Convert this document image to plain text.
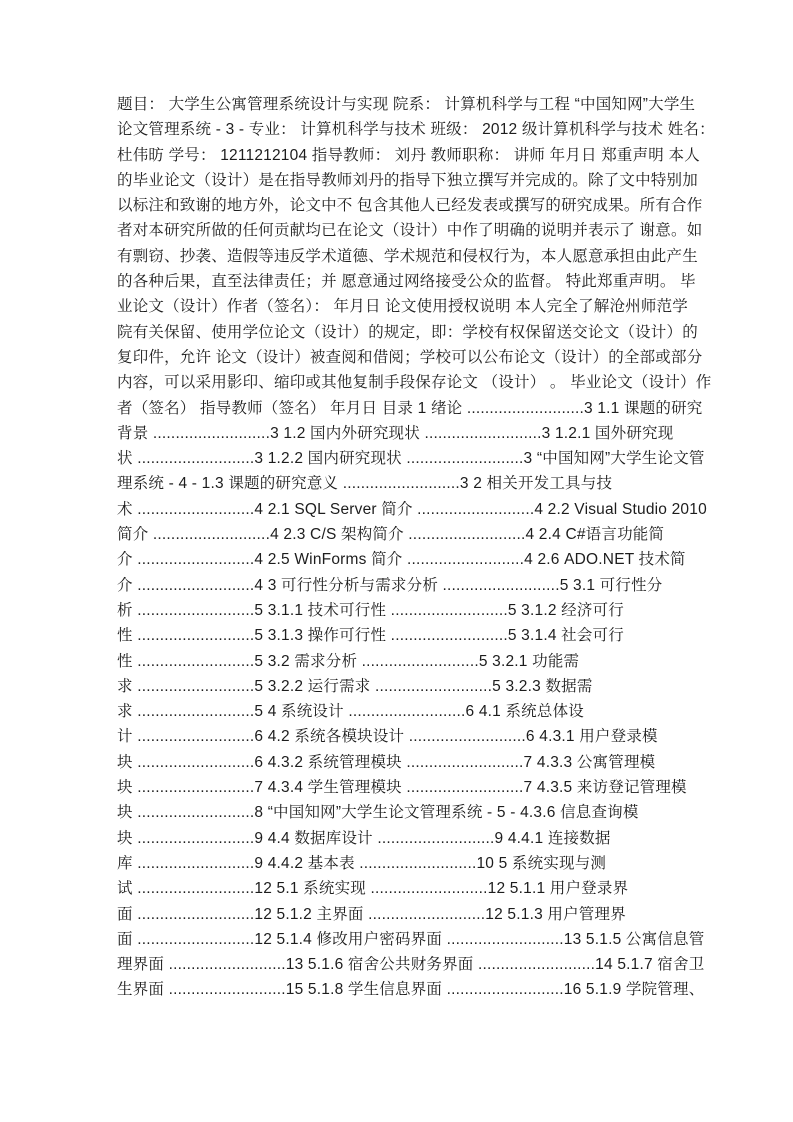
题目： 大学生公寓管理系统设计与实现 院系： 计算机科学与工程 “中国知网”大学生
论文管理系统 - 3 - 专业： 计算机科学与技术 班级： 2012 级计算机科学与技术 姓名：
杜伟昉 学号： 1211212104 指导教师： 刘丹 教师职称： 讲师 年月日 郑重声明 本人
的毕业论文（设计）是在指导教师刘丹的指导下独立撰写并完成的。除了文中特别加
以标注和致谢的地方外，论文中不 包含其他人已经发表或撰写的研究成果。所有合作
者对本研究所做的任何贡献均已在论文（设计）中作了明确的说明并表示了 谢意。如
有剽窃、抄袭、造假等违反学术道德、学术规范和侵权行为，本人愿意承担由此产生
的各种后果，直至法律责任；并 愿意通过网络接受公众的监督。 特此郑重声明。 毕
业论文（设计）作者（签名）： 年月日 论文使用授权说明 本人完全了解沧州师范学
院有关保留、使用学位论文（设计）的规定，即：学校有权保留送交论文（设计）的
复印件，允许 论文（设计）被查阅和借阅；学校可以公布论文（设计）的全部或部分
内容，可以采用影印、缩印或其他复制手段保存论文 （设计） 。 毕业论文（设计）作
者（签名） 指导教师（签名） 年月日 目录 1 绪论 ..........................3 1.1 课题的研究
背景 ..........................3 1.2 国内外研究现状 ..........................3 1.2.1 国外研究现
状 ..........................3 1.2.2 国内研究现状 ..........................3 “中国知网”大学生论文管
理系统 - 4 - 1.3 课题的研究意义 ..........................3 2 相关开发工具与技
术 ..........................4 2.1 SQL Server 简介 ..........................4 2.2 Visual Studio 2010
简介 ..........................4 2.3 C/S 架构简介 ..........................4 2.4 C#语言功能简
介 ..........................4 2.5 WinForms 简介 ..........................4 2.6 ADO.NET 技术简
介 ..........................4 3 可行性分析与需求分析 ..........................5 3.1 可行性分
析 ..........................5 3.1.1 技术可行性 ..........................5 3.1.2 经济可行
性 ..........................5 3.1.3 操作可行性 ..........................5 3.1.4 社会可行
性 ..........................5 3.2 需求分析 ..........................5 3.2.1 功能需
求 ..........................5 3.2.2 运行需求 ..........................5 3.2.3 数据需
求 ..........................5 4 系统设计 ..........................6 4.1 系统总体设
计 ..........................6 4.2 系统各模块设计 ..........................6 4.3.1 用户登录模
块 ..........................6 4.3.2 系统管理模块 ..........................7 4.3.3 公寓管理模
块 ..........................7 4.3.4 学生管理模块 ..........................7 4.3.5 来访登记管理模
块 ..........................8 “中国知网”大学生论文管理系统 - 5 - 4.3.6 信息查询模
块 ..........................9 4.4 数据库设计 ..........................9 4.4.1 连接数据
库 ..........................9 4.4.2 基本表 ..........................10 5 系统实现与测
试 ..........................12 5.1 系统实现 ..........................12 5.1.1 用户登录界
面 ..........................12 5.1.2 主界面 ..........................12 5.1.3 用户管理界
面 ..........................12 5.1.4 修改用户密码界面 ..........................13 5.1.5 公寓信息管
理界面 ..........................13 5.1.6 宿舍公共财务界面 ..........................14 5.1.7 宿舍卫
生界面 ..........................15 5.1.8 学生信息界面 ..........................16 5.1.9 学院管理、
